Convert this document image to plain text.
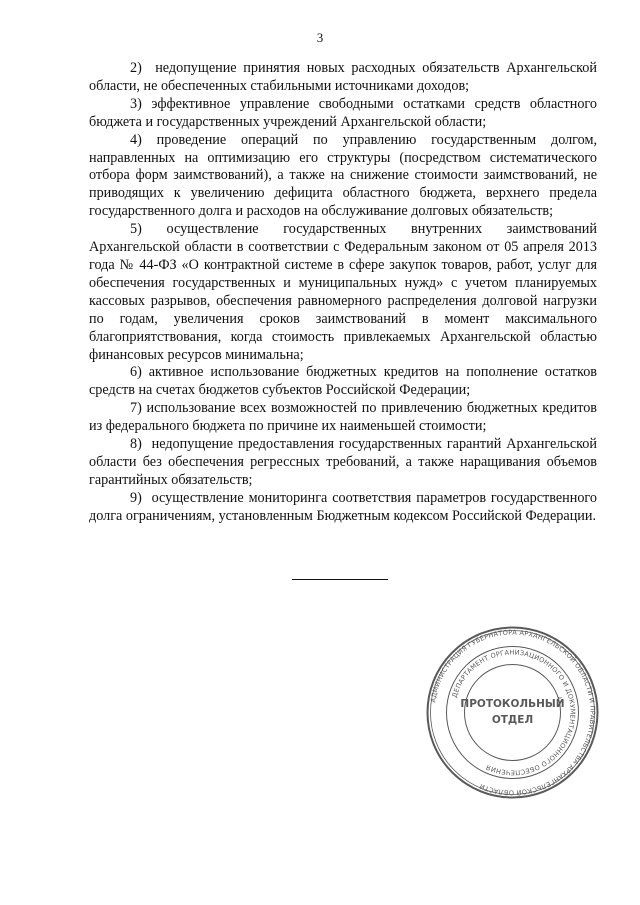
3

2)  недопущение принятия новых расходных обязательств Архангельской области, не обеспеченных стабильными источниками доходов;

3) эффективное управление свободными остатками средств областного бюджета и государственных учреждений Архангельской области;

4) проведение операций по управлению государственным долгом, направленных на оптимизацию его структуры (посредством систематического отбора форм заимствований), а также на снижение стоимости заимствований, не приводящих к увеличению дефицита областного бюджета, верхнего предела государственного долга и расходов на обслуживание долговых обязательств;

5) осуществление государственных внутренних заимствований Архангельской области в соответствии с Федеральным законом от 05 апреля 2013 года № 44-ФЗ «О контрактной системе в сфере закупок товаров, работ, услуг для обеспечения государственных и муниципальных нужд» с учетом планируемых кассовых разрывов, обеспечения равномерного распределения долговой нагрузки по годам, увеличения сроков заимствований в момент максимального благоприятствования, когда стоимость привлекаемых Архангельской областью финансовых ресурсов минимальна;

6) активное использование бюджетных кредитов на пополнение остатков средств на счетах бюджетов субъектов Российской Федерации;

7) использование всех возможностей по привлечению бюджетных кредитов из федерального бюджета по причине их наименьшей стоимости;

8)  недопущение предоставления государственных гарантий Архангельской области без обеспечения регрессных требований, а также наращивания объемов гарантийных обязательств;

9)  осуществление мониторинга соответствия параметров государственного долга ограничениям, установленным Бюджетным кодексом Российской Федерации.

АДМИНИСТРАЦИЯ ГУБЕРНАТОРА АРХАНГЕЛЬСКОЙ ОБЛАСТИ И ПРАВИТЕЛЬСТВА АРХАНГЕЛЬСКОЙ ОБЛАСТИ
ДЕПАРТАМЕНТ ОРГАНИЗАЦИОННОГО И ДОКУМЕНТАЦИОННОГО ОБЕСПЕЧЕНИЯ
ПРОТОКОЛЬНЫЙ
ОТДЕЛ
